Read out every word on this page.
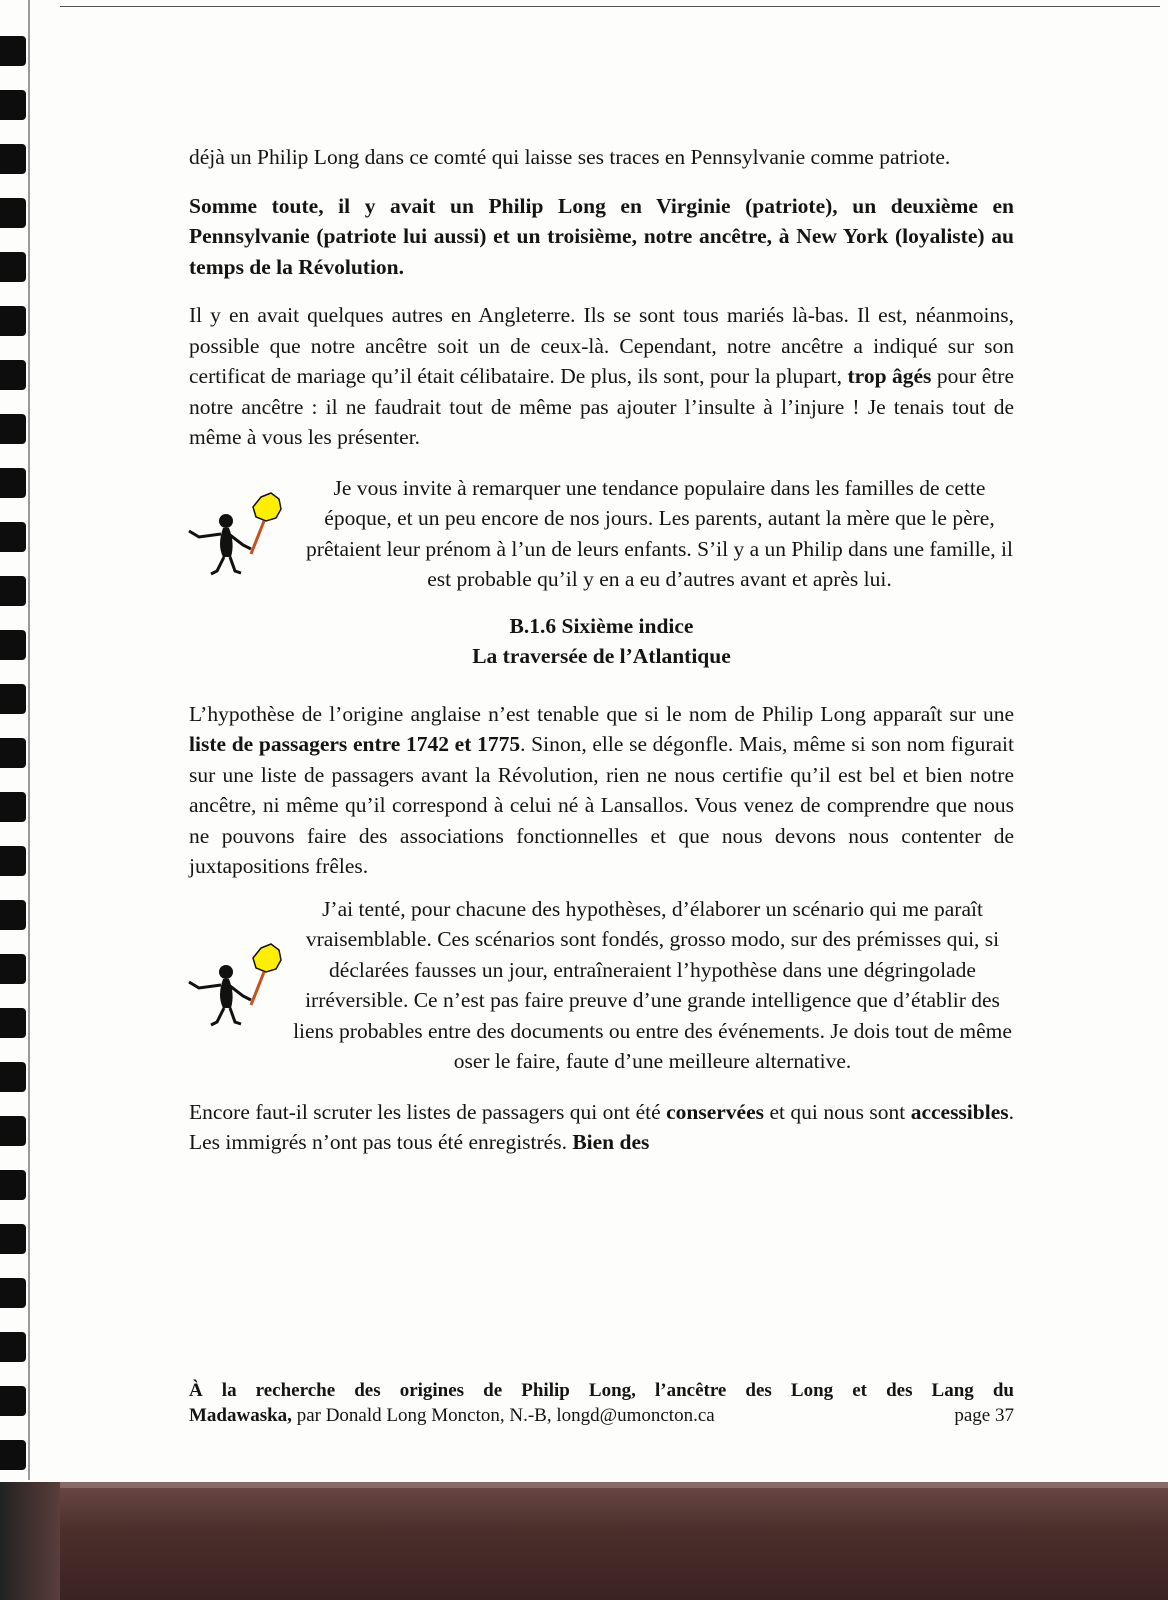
déjà un Philip Long dans ce comté qui laisse ses traces en Pennsylvanie comme patriote.

Somme toute, il y avait un Philip Long en Virginie (patriote), un deuxième en Pennsylvanie (patriote lui aussi) et un troisième, notre ancêtre, à New York (loyaliste) au temps de la Révolution.

Il y en avait quelques autres en Angleterre. Ils se sont tous mariés là-bas. Il est, néanmoins, possible que notre ancêtre soit un de ceux-là. Cependant, notre ancêtre a indiqué sur son certificat de mariage qu’il était célibataire. De plus, ils sont, pour la plupart, trop âgés pour être notre ancêtre : il ne faudrait tout de même pas ajouter l’insulte à l’injure ! Je tenais tout de même à vous les présenter.

Je vous invite à remarquer une tendance populaire dans les familles de cette époque, et un peu encore de nos jours. Les parents, autant la mère que le père, prêtaient leur prénom à l’un de leurs enfants. S’il y a un Philip dans une famille, il est probable qu’il y en a eu d’autres avant et après lui.
B.1.6 Sixième indice
La traversée de l’Atlantique

L’hypothèse de l’origine anglaise n’est tenable que si le nom de Philip Long apparaît sur une liste de passagers entre 1742 et 1775. Sinon, elle se dégonfle. Mais, même si son nom figurait sur une liste de passagers avant la Révolution, rien ne nous certifie qu’il est bel et bien notre ancêtre, ni même qu’il correspond à celui né à Lansallos. Vous venez de comprendre que nous ne pouvons faire des associations fonctionnelles et que nous devons nous contenter de juxtapositions frêles.

J’ai tenté, pour chacune des hypothèses, d’élaborer un scénario qui me paraît vraisemblable. Ces scénarios sont fondés, grosso modo, sur des prémisses qui, si déclarées fausses un jour, entraîneraient l’hypothèse dans une dégringolade irréversible. Ce n’est pas faire preuve d’une grande intelligence que d’établir des liens probables entre des documents ou entre des événements. Je dois tout de même oser le faire, faute d’une meilleure alternative.

Encore faut-il scruter les listes de passagers qui ont été conservées et qui nous sont accessibles. Les immigrés n’ont pas tous été enregistrés. Bien des

À la recherche des origines de Philip Long, l’ancêtre des Long et des Lang du
Madawaska, par Donald Long Moncton, N.-B, longd@umoncton.ca	page 37
